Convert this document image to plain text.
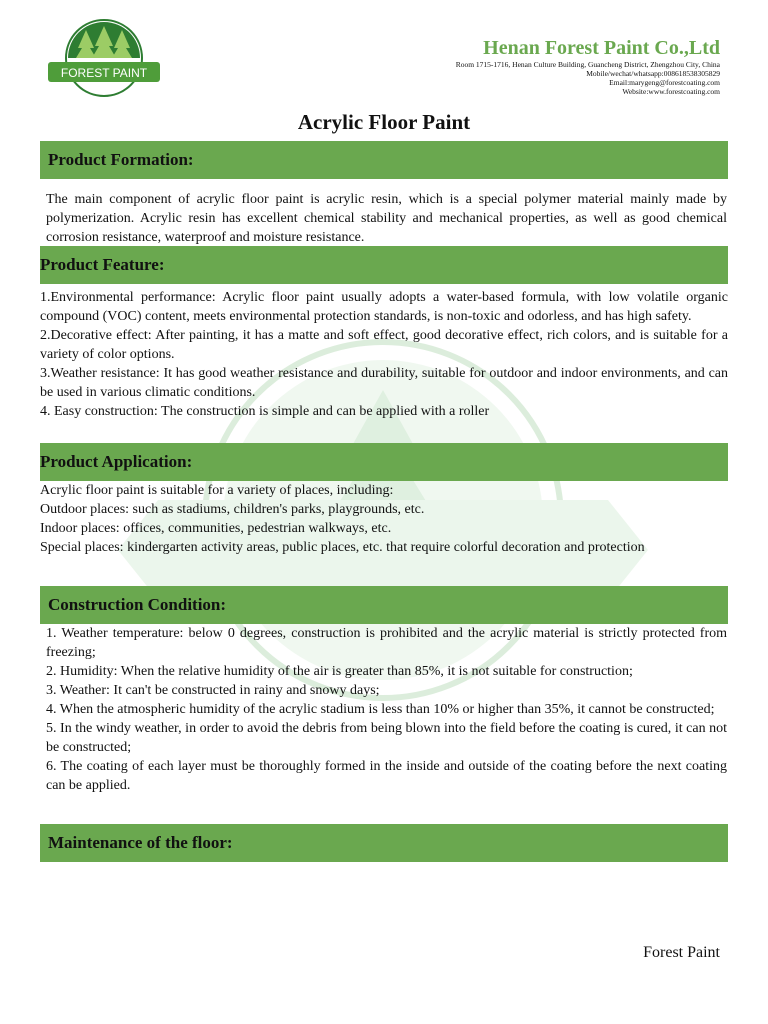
FOREST PAINT
Henan Forest Paint Co.,Ltd
Room 1715-1716, Henan Culture Building, Guancheng District, Zhengzhou City, China
Mobile/wechat/whatsapp:008618538305829
Email:marygeng@forestcoating.com
Website:www.forestcoating.com
Acrylic Floor Paint
Product Formation:

The main component of acrylic floor paint is acrylic resin, which is a special polymer material mainly made by polymerization. Acrylic resin has excellent chemical stability and mechanical properties, as well as good chemical corrosion resistance, waterproof and moisture resistance.

Product Feature:

1.Environmental performance: Acrylic floor paint usually adopts a water-based formula, with low volatile organic compound (VOC) content, meets environmental protection standards, is non-toxic and odorless, and has high safety.

2.Decorative effect: After painting, it has a matte and soft effect, good decorative effect, rich colors, and is suitable for a variety of color options.

3.Weather resistance: It has good weather resistance and durability, suitable for outdoor and indoor environments, and can be used in various climatic conditions.

4. Easy construction: The construction is simple and can be applied with a roller

Product Application:

Acrylic floor paint is suitable for a variety of places, including:

Outdoor places: such as stadiums, children's parks, playgrounds, etc.

Indoor places: offices, communities, pedestrian walkways, etc.

Special places: kindergarten activity areas, public places, etc. that require colorful decoration and protection

Construction Condition:

1. Weather temperature: below 0 degrees, construction is prohibited and the acrylic material is strictly protected from freezing;

2. Humidity: When the relative humidity of the air is greater than 85%, it is not suitable for construction;

3. Weather: It can't be constructed in rainy and snowy days;

4. When the atmospheric humidity of the acrylic stadium is less than 10% or higher than 35%, it cannot be constructed;

5. In the windy weather, in order to avoid the debris from being blown into the field before the coating is cured, it can not be constructed;

6. The coating of each layer must be thoroughly formed in the inside and outside of the coating before the next coating can be applied.

Maintenance of the floor:
Forest Paint
